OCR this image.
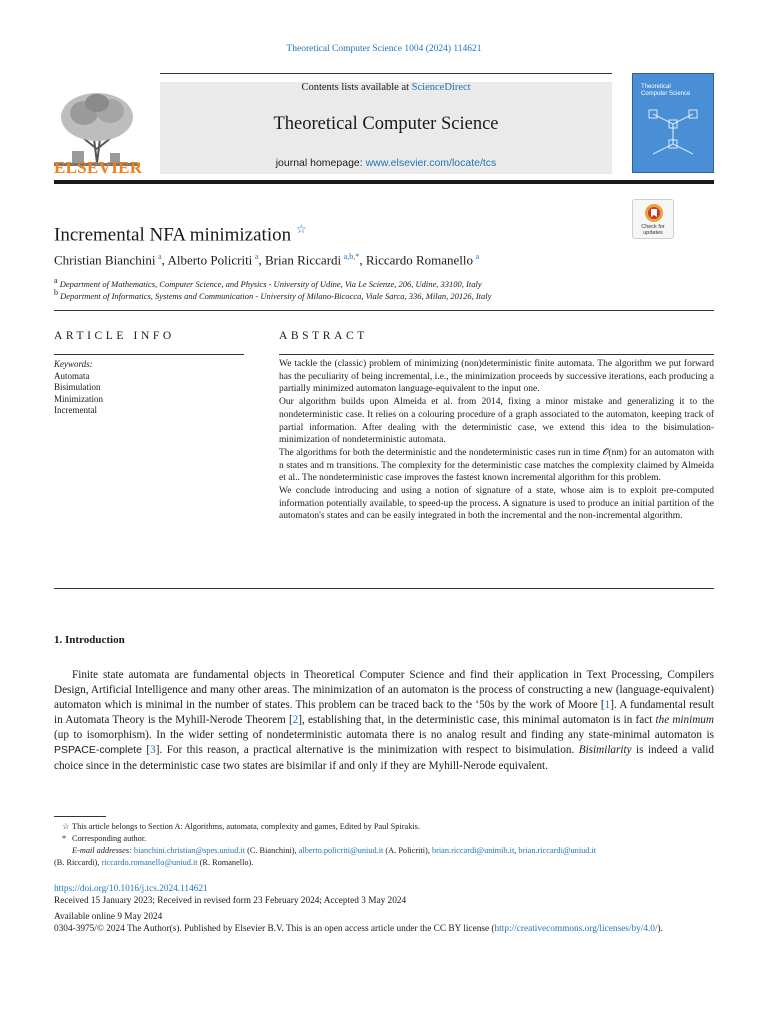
Theoretical Computer Science 1004 (2024) 114621
ELSEVIER
Contents lists available at ScienceDirect
Theoretical Computer Science
journal homepage: www.elsevier.com/locate/tcs
Theoretical
Computer Science
Check for
updates
Incremental NFA minimization ☆
Christian Bianchini  $^a$, Alberto Policriti  $^a$, Brian Riccardi  $^{a,b,*}$, Riccardo Romanello  $^a$
$^a$ Department of Mathematics, Computer Science, and Physics - University of Udine, Via Le Scienze, 206, Udine, 33100, Italy
$^b$ Department of Informatics, Systems and Communication - University of Milano-Bicocca, Viale Sarca, 336, Milan, 20126, Italy
ARTICLE INFO	ABSTRACT
Keywords:
Automata
Bisimulation
Minimization
Incremental

We tackle the (classic) problem of minimizing (non)deterministic finite automata. The algorithm we put forward has the peculiarity of being incremental, i.e., the minimization proceeds by successive iterations, each producing a partially minimized automaton language-equivalent to the input one.

Our algorithm builds upon Almeida et al. from 2014, fixing a minor mistake and generalizing it to the nondeterministic case. It relies on a colouring procedure of a graph associated to the automaton, keeping track of partial information. After dealing with the deterministic case, we extend this idea to the bisimulation-minimization of nondeterministic automata.

The algorithms for both the deterministic and the nondeterministic cases run in time 𝒪(nm) for an automaton with n states and m transitions. The complexity for the deterministic case matches the complexity claimed by Almeida et al.. The nondeterministic case improves the fastest known incremental algorithm for this problem.

We conclude introducing and using a notion of signature of a state, whose aim is to exploit pre-computed information potentially available, to speed-up the process. A signature is used to produce an initial partition of the automaton's states and can be easily integrated in both the incremental and the non-incremental algorithm.

1. Introduction
Finite state automata are fundamental objects in Theoretical Computer Science and find their application in Text Processing, Compilers Design, Artificial Intelligence and many other areas. The minimization of an automaton is the process of constructing a new (language-equivalent) automaton which is minimal in the number of states. This problem can be traced back to the ‘50s by the work of Moore [1]. A fundamental result in Automata Theory is the Myhill-Nerode Theorem [2], establishing that, in the deterministic case, this minimal automaton is in fact the minimum (up to isomorphism). In the wider setting of nondeterministic automata there is no analog result and finding any state-minimal automaton is PSPACE-complete [3]. For this reason, a practical alternative is the minimization with respect to bisimulation. Bisimilarity is indeed a valid choice since in the deterministic case two states are bisimilar if and only if they are Myhill-Nerode equivalent.
☆ This article belongs to Section A: Algorithms, automata, complexity and games, Edited by Paul Spirakis.
* Corresponding author.
E-mail addresses: bianchini.christian@spes.uniud.it (C. Bianchini), alberto.policriti@uniud.it (A. Policriti), brian.riccardi@unimib.it, brian.riccardi@uniud.it
(B. Riccardi), riccardo.romanello@uniud.it (R. Romanello).
https://doi.org/10.1016/j.tcs.2024.114621
Received 15 January 2023; Received in revised form 23 February 2024; Accepted 3 May 2024
Available online 9 May 2024
0304-3975/© 2024 The Author(s). Published by Elsevier B.V. This is an open access article under the CC BY license (http://creativecommons.org/licenses/by/4.0/).
